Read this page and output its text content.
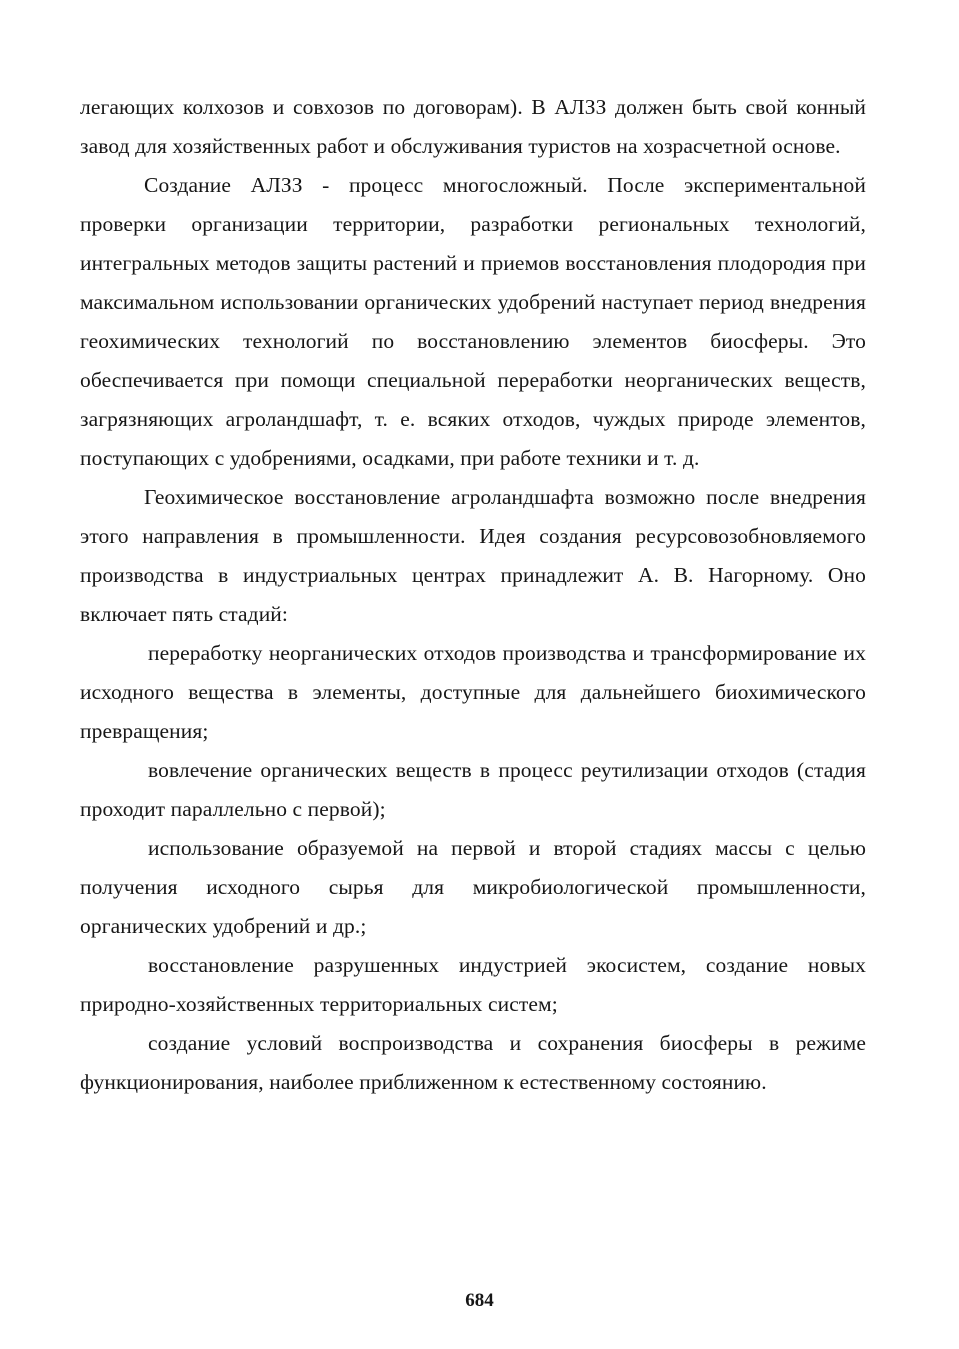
легающих колхозов и совхозов по договорам). В АЛЗЗ должен быть свой конный завод для хозяйственных работ и обслуживания туристов на хозрасчетной основе.

Создание АЛЗЗ - процесс многосложный. После экспериментальной проверки организации территории, разработки региональных технологий, интегральных методов защиты растений и приемов восстановления плодородия при максимальном использовании органических удобрений наступает период внедрения геохимических технологий по восстановлению элементов биосферы. Это обеспечивается при помощи специальной переработки неорганических веществ, загрязняющих агроландшафт, т. е. всяких отходов, чуждых природе элементов, поступающих с удобрениями, осадками, при работе техники и т. д.

Геохимическое восстановление агроландшафта возможно после внедрения этого направления в промышленности. Идея создания ресурсовозобновляемого производства в индустриальных центрах принадлежит А. В. Нагорному. Оно включает пять стадий:

переработку неорганических отходов производства и трансформирование их исходного вещества в элементы, доступные для дальнейшего биохимического превращения;

вовлечение органических веществ в процесс реутилизации отходов (стадия проходит параллельно с первой);

использование образуемой на первой и второй стадиях массы с целью получения исходного сырья для микробиологической промышленности, органических удобрений и др.;

восстановление разрушенных индустрией экосистем, создание новых природно-хозяйственных территориальных систем;

создание условий воспроизводства и сохранения биосферы в режиме функционирования, наиболее приближенном к естественному состоянию.

684
